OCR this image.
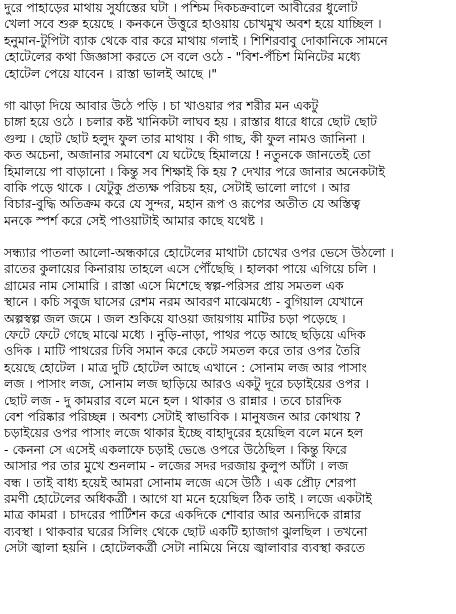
দুরে পাহাড়ের মাথায় সুর্যাস্তের ঘটা । পশ্চিম দিকচক্রবালে আবীরের ধুলোট
খেলা সবে শুরু হয়েছে । কনকনে উত্তুরে হাওয়ায় চোখমুখ অবশ হয়ে যাচ্ছিল ।
হনুমান-টুপিটা ব্যাক থেকে বার করে মাথায় গলাই । শিশিরবাবু দোকানিকে সামনে
হোটেলের কথা জিজ্ঞাসা করতে সে বলে ওঠে - "বিশ-পঁচিশ মিনিটের মধ্যে
হোটেল পেয়ে যাবেন । রাস্তা ভালই আছে ।"
গা ঝাড়া দিয়ে আবার উঠে পড়ি । চা খাওয়ার পর শরীর মন একটু
চাঙ্গা হয়ে ওঠে । চলার কষ্ট খানিকটা লাঘব হয় । রাস্তার ধারে ধারে ছোট ছোট
গুল্ম । ছোট ছোট হলুদ ফুল তার মাথায় । কী গাছ, কী ফুল নামও জানিনা ।
কত অচেনা, অজানার সমাবেশ যে ঘটেছে হিমালয়ে ! নতুনকে জানতেই তো
হিমালয়ে পা বাড়ানো । কিন্তু সব শিক্ষাই কি হয় ? দেখার পরে জানার অনেকটাই
বাকি পড়ে থাকে । যেটুকু প্রত্যক্ষ পরিচয় হয়, সেটাই ভালো লাগে । আর
বিচার-বুদ্ধি অতিক্রম করে যে সুন্দর, মহান রূপ ও রূপের অতীত যে অস্তিত্ব
মনকে স্পর্শ করে সেই পাওয়াটাই আমার কাছে যথেষ্ট ।
সন্ধ্যার পাতলা আলো-অন্ধকারে হোটেলের মাথাটা চোখের ওপর ভেসে উঠলো ।
রাতের কুলায়ের কিনারায় তাহলে এসে পৌঁছেছি । হালকা পায়ে এগিয়ে চলি ।
গ্রামের নাম সোমারি । রাস্তা এসে মিশেছে স্বল্প-পরিসর প্রায় সমতল এক
স্থানে । কচি সবুজ ঘাসের রেশম নরম আবরণ মাঝেমধ্যে - বুগিয়াল যেখানে
অল্পস্বল্প জল জমে । জল শুকিয়ে যাওয়া জায়গায় মাটির চড়া পড়েছে ।
ফেটে ফেটে গেছে মাঝে মধ্যে । নুড়ি-নাড়া, পাথর পড়ে আছে ছড়িয়ে এদিক
ওদিক । মাটি পাথরের ঢিবি সমান করে কেটে সমতল করে তার ওপর তৈরি
হয়েছে হোটেল । মাত্র দুটি হোটেল আছে এখানে : সোনাম লজ আর পাসাং
লজ । পাসাং লজ, সোনাম লজ ছাড়িয়ে আরও একটু দূরে চড়াইয়ের ওপর ।
ছোট লজ - দু কামরার বলে মনে হল । থাকার ও রান্নার । তবে চারদিক
বেশ পরিষ্কার পরিচ্ছন্ন । অবশ্য সেটাই স্বাভাবিক । মানুষজন আর কোথায় ?
চড়াইয়ের ওপর পাসাং লজে থাকার ইচ্ছে বাহাদুরের হয়েছিল বলে মনে হল
- কেননা সে এসেই একলাফে চড়াই ভেঙে ওপরে উঠেছিল । কিন্তু ফিরে
আসার পর তার মুখে শুনলাম - লজের সদর দরজায় কুলুপ আঁটা । লজ
বন্ধ । তাই বাধ্য হয়েই আমরা সোনাম লজে এসে উঠি । এক প্রৌঢ় শেরপা
রমণী হোটেলের অধিকর্ত্রী । আগে যা মনে হয়েছিল ঠিক তাই । লজে একটাই
মাত্র কামরা । চাদরের পার্টিশন করে একদিকে শোবার আর অন্যদিকে রান্নার
ব্যবস্থা । থাকবার ঘরের সিলিং থেকে ছোট একটি হ্যাজাগ ঝুলছিল । তখনো
সেটা জ্বালা হয়নি । হোটেলকর্ত্রী সেটা নামিয়ে নিয়ে জ্বালাবার ব্যবস্থা করতে
